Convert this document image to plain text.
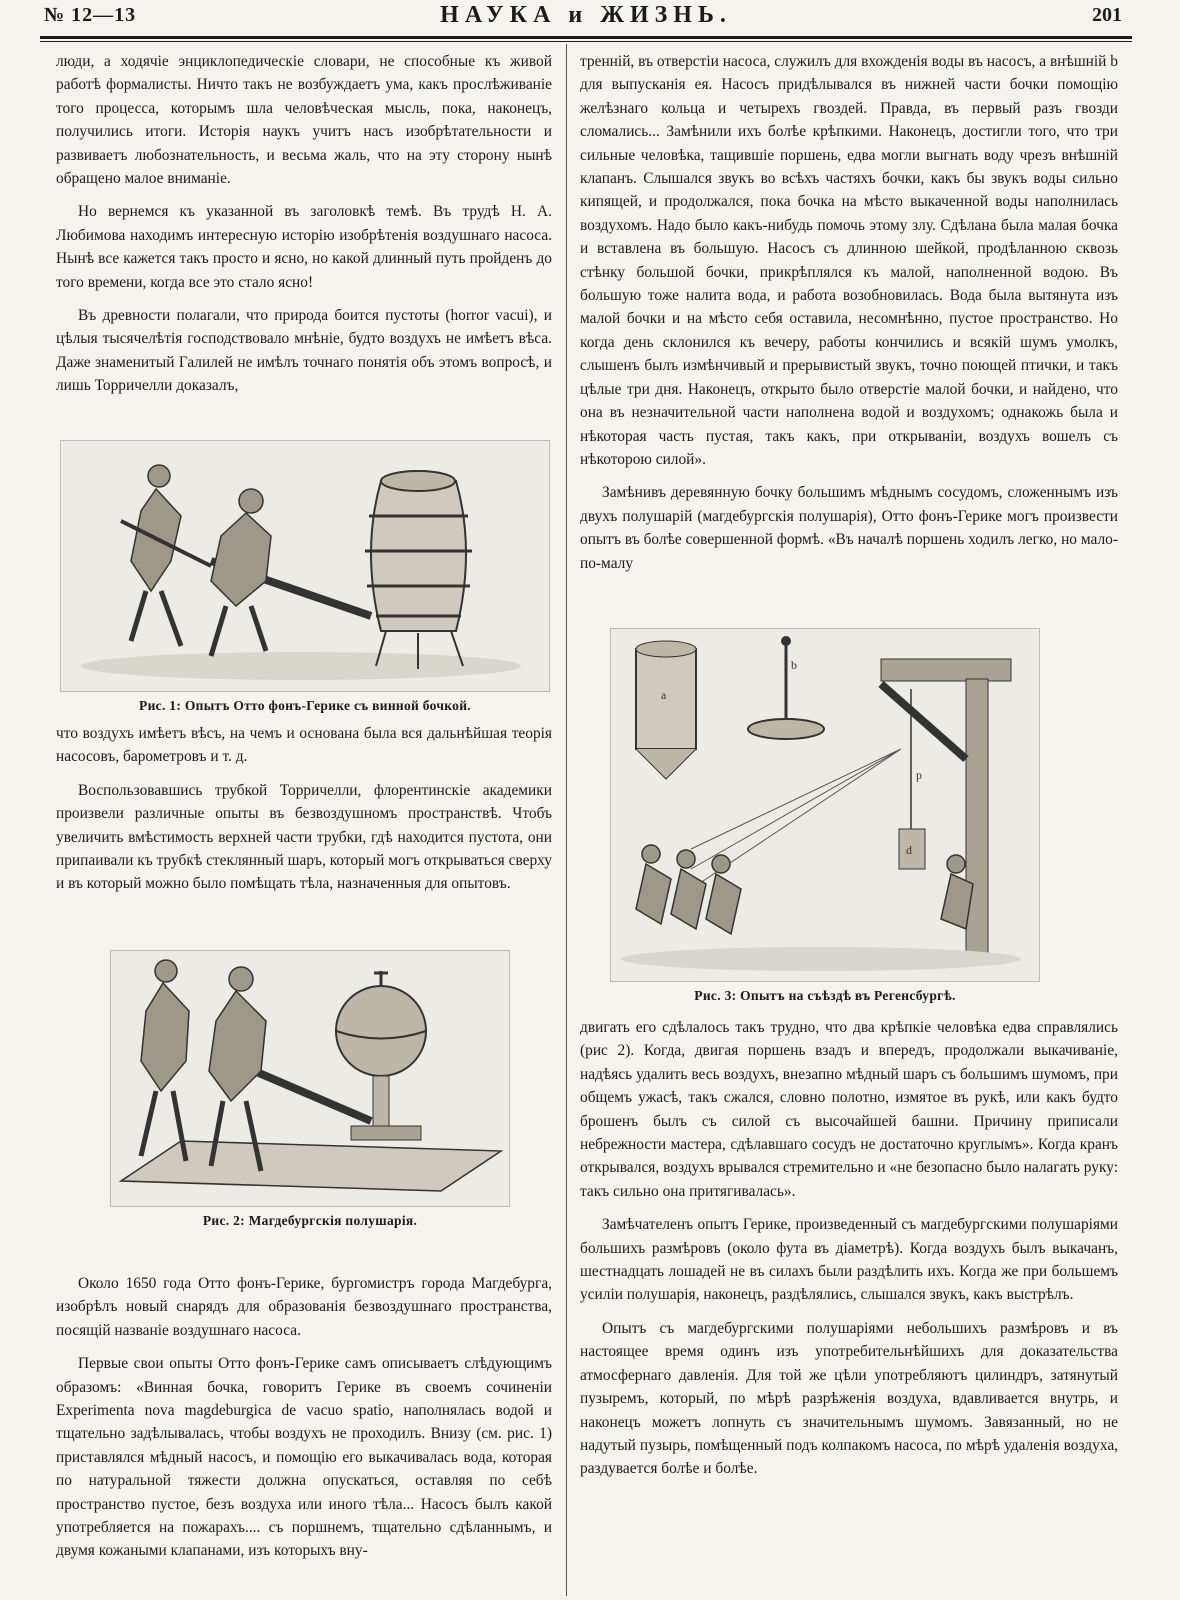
№ 12—13	НАУКА и ЖИЗНЬ.	201

люди, а ходячіе энциклопедическіе словари, не способные къ живой работѣ формалисты. Ничто такъ не возбуждаетъ ума, какъ прослѣживаніе того процесса, которымъ шла человѣческая мысль, пока, наконецъ, получились итоги. Исторія наукъ учитъ насъ изобрѣтательности и развиваетъ любознательность, и весьма жаль, что на эту сторону нынѣ обращено малое вниманіе.

Но вернемся къ указанной въ заголовкѣ темѣ. Въ трудѣ Н. А. Любимова находимъ интересную исторію изобрѣтенія воздушнаго насоса. Нынѣ все кажется такъ просто и ясно, но какой длинный путь пройденъ до того времени, когда все это стало ясно!

Въ древности полагали, что природа боится пустоты (horror vacui), и цѣлыя тысячелѣтія господствовало мнѣніе, будто воздухъ не имѣетъ вѣса. Даже знаменитый Галилей не имѣлъ точнаго понятія объ этомъ вопросѣ, и лишь Торричелли доказалъ,

Рис. 1: Опытъ Отто фонъ-Герике съ винной бочкой.

что воздухъ имѣетъ вѣсъ, на чемъ и основана была вся дальнѣйшая теорія насосовъ, барометровъ и т. д.

Воспользовавшись трубкой Торричелли, флорентинскіе академики произвели различные опыты въ безвоздушномъ пространствѣ. Чтобъ увеличить вмѣстимость верхней части трубки, гдѣ находится пустота, они припаивали къ трубкѣ стеклянный шаръ, который могъ открываться сверху и въ который можно было помѣщать тѣла, назначенныя для опытовъ.

Рис. 2: Магдебургскія полушарія.

Около 1650 года Отто фонъ-Герике, бургомистръ города Магдебурга, изобрѣлъ новый снарядъ для образованія безвоздушнаго пространства, посящій названіе воздушнаго насоса.

Первые свои опыты Отто фонъ-Герике самъ описываетъ слѣдующимъ образомъ: «Винная бочка, говоритъ Герике въ своемъ сочиненіи Experimenta nova magdeburgica de vacuo spatio, наполнялась водой и тщательно задѣлывалась, чтобы воздухъ не проходилъ. Внизу (см. рис. 1) приставлялся мѣдный насосъ, и помощію его выкачивалась вода, которая по натуральной тяжести должна опускаться, оставляя по себѣ пространство пустое, безъ воздуха или иного тѣла... Насосъ былъ какой употребляется на пожарахъ.... съ поршнемъ, тщательно сдѣланнымъ, и двумя кожаными клапанами, изъ которыхъ вну-

тренній, въ отверстіи насоса, служилъ для вхожденія воды въ насосъ, а внѣшній b для выпусканія ея. Насосъ придѣлывался въ нижней части бочки помощію желѣзнаго кольца и четырехъ гвоздей. Правда, въ первый разъ гвозди сломались... Замѣнили ихъ болѣе крѣпкими. Наконецъ, достигли того, что три сильные человѣка, тащившіе поршень, едва могли выгнать воду чрезъ внѣшній клапанъ. Слышался звукъ во всѣхъ частяхъ бочки, какъ бы звукъ воды сильно кипящей, и продолжался, пока бочка на мѣсто выкаченной воды наполнилась воздухомъ. Надо было какъ-нибудь помочь этому злу. Сдѣлана была малая бочка и вставлена въ большую. Насосъ съ длинною шейкой, продѣланною сквозь стѣнку большой бочки, прикрѣплялся къ малой, наполненной водою. Въ большую тоже налита вода, и работа возобновилась. Вода была вытянута изъ малой бочки и на мѣсто себя оставила, несомнѣнно, пустое пространство. Но когда день склонился къ вечеру, работы кончились и всякій шумъ умолкъ, слышенъ былъ измѣнчивый и прерывистый звукъ, точно поющей птички, и такъ цѣлые три дня. Наконецъ, открыто было отверстіе малой бочки, и найдено, что она въ незначительной части наполнена водой и воздухомъ; однакожь была и нѣкоторая часть пустая, такъ какъ, при открываніи, воздухъ вошелъ съ нѣкоторою силой».

Замѣнивъ деревянную бочку большимъ мѣднымъ сосудомъ, сложеннымъ изъ двухъ полушарій (магдебургскія полушарія), Отто фонъ-Герике могъ произвести опытъ въ болѣе совершенной формѣ. «Въ началѣ поршень ходилъ легко, но мало-по-малу

a
b
p
d
Рис. 3: Опытъ на съѣздѣ въ Регенсбургѣ.

двигать его сдѣлалось такъ трудно, что два крѣпкіе человѣка едва справлялись (рис 2). Когда, двигая поршень взадъ и впередъ, продолжали выкачиваніе, надѣясь удалить весь воздухъ, внезапно мѣдный шаръ съ большимъ шумомъ, при общемъ ужасѣ, такъ сжался, словно полотно, измятое въ рукѣ, или какъ будто брошенъ былъ съ силой съ высочайшей башни. Причину приписали небрежности мастера, сдѣлавшаго сосудъ не достаточно круглымъ». Когда кранъ открывался, воздухъ врывался стремительно и «не безопасно было налагать руку: такъ сильно она притягивалась».

Замѣчателенъ опытъ Герике, произведенный съ магдебургскими полушаріями большихъ размѣровъ (около фута въ діаметрѣ). Когда воздухъ былъ выкачанъ, шестнадцать лошадей не въ силахъ были раздѣлить ихъ. Когда же при большемъ усиліи полушарія, наконецъ, раздѣлялись, слышался звукъ, какъ выстрѣлъ.

Опытъ съ магдебургскими полушаріями небольшихъ размѣровъ и въ настоящее время одинъ изъ употребительнѣйшихъ для доказательства атмосфернаго давленія. Для той же цѣли употребляютъ цилиндръ, затянутый пузыремъ, который, по мѣрѣ разрѣженія воздуха, вдавливается внутрь, и наконецъ можетъ лопнуть съ значительнымъ шумомъ. Завязанный, но не надутый пузырь, помѣщенный подъ колпакомъ насоса, по мѣрѣ удаленія воздуха, раздувается болѣе и болѣе.
